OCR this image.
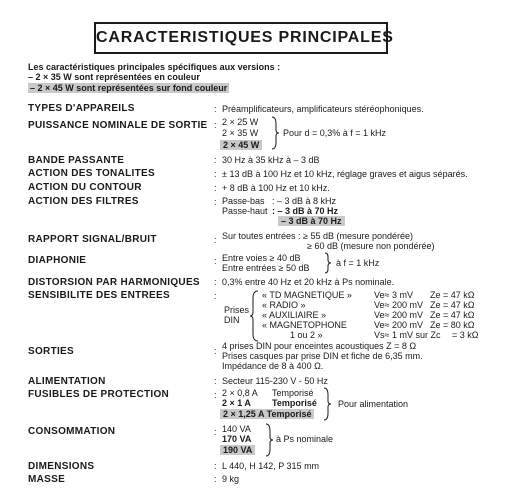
CARACTERISTIQUES PRINCIPALES
Les caractéristiques principales spécifiques aux versions :
– 2 × 35 W sont représentées en couleur
– 2 × 45 W sont représentées sur fond couleur
TYPES D'APPAREILS	: Préamplificateurs, amplificateurs stéréophoniques.
PUISSANCE NOMINALE DE SORTIE : 2 × 25 W
2 × 35 W
2 × 45 W
Pour d = 0,3% à f = 1 kHz
BANDE PASSANTE	: 30 Hz à 35 kHz à – 3 dB
ACTION DES TONALITES	: ± 13 dB à 100 Hz et 10 kHz, réglage graves et aigus séparés.
ACTION DU CONTOUR	: + 8 dB à 100 Hz et 10 kHz.
ACTION DES FILTRES	: Passe-bas : – 3 dB à 8 kHz
Passe-haut : – 3 dB à 70 Hz
– 3 dB à 70 Hz
RAPPORT SIGNAL/BRUIT	: Sur toutes entrées : ≥ 55 dB (mesure pondérée)
≥ 60 dB (mesure non pondérée)
DIAPHONIE	: Entre voies ≥ 40 dB
Entre entrées ≥ 50 dB	à f = 1 kHz
DISTORSION PAR HARMONIQUES : 0,3% entre 40 Hz et 20 kHz à Ps nominale.
SENSIBILITE DES ENTREES	:
Prises
DIN
« TD MAGNETIQUE » Ve≈ 3 mV Ze = 47 kΩ
« RADIO »	Ve≈ 200 mV Ze = 47 kΩ
« AUXILIAIRE »	Ve≈ 200 mV Ze = 47 kΩ
« MAGNETOPHONE	Ve≈ 200 mV Ze = 80 kΩ
1 ou 2 »	Vs≈ 1 mV sur Zc = 3 kΩ
SORTIES	: 4 prises DIN pour enceintes acoustiques Z = 8 Ω
Prises casques par prise DIN et fiche de 6,35 mm.
Impédance de 8 à 400 Ω.
ALIMENTATION	: Secteur 115-230 V - 50 Hz
FUSIBLES DE PROTECTION	: 2 × 0,8 A Temporisé
2 × 1 A Temporisé
2 × 1,25 A Temporisé
Pour alimentation
CONSOMMATION	: 140 VA
170 VA
190 VA
à Ps nominale
DIMENSIONS	: L 440, H 142, P 315 mm
MASSE	: 9 kg
